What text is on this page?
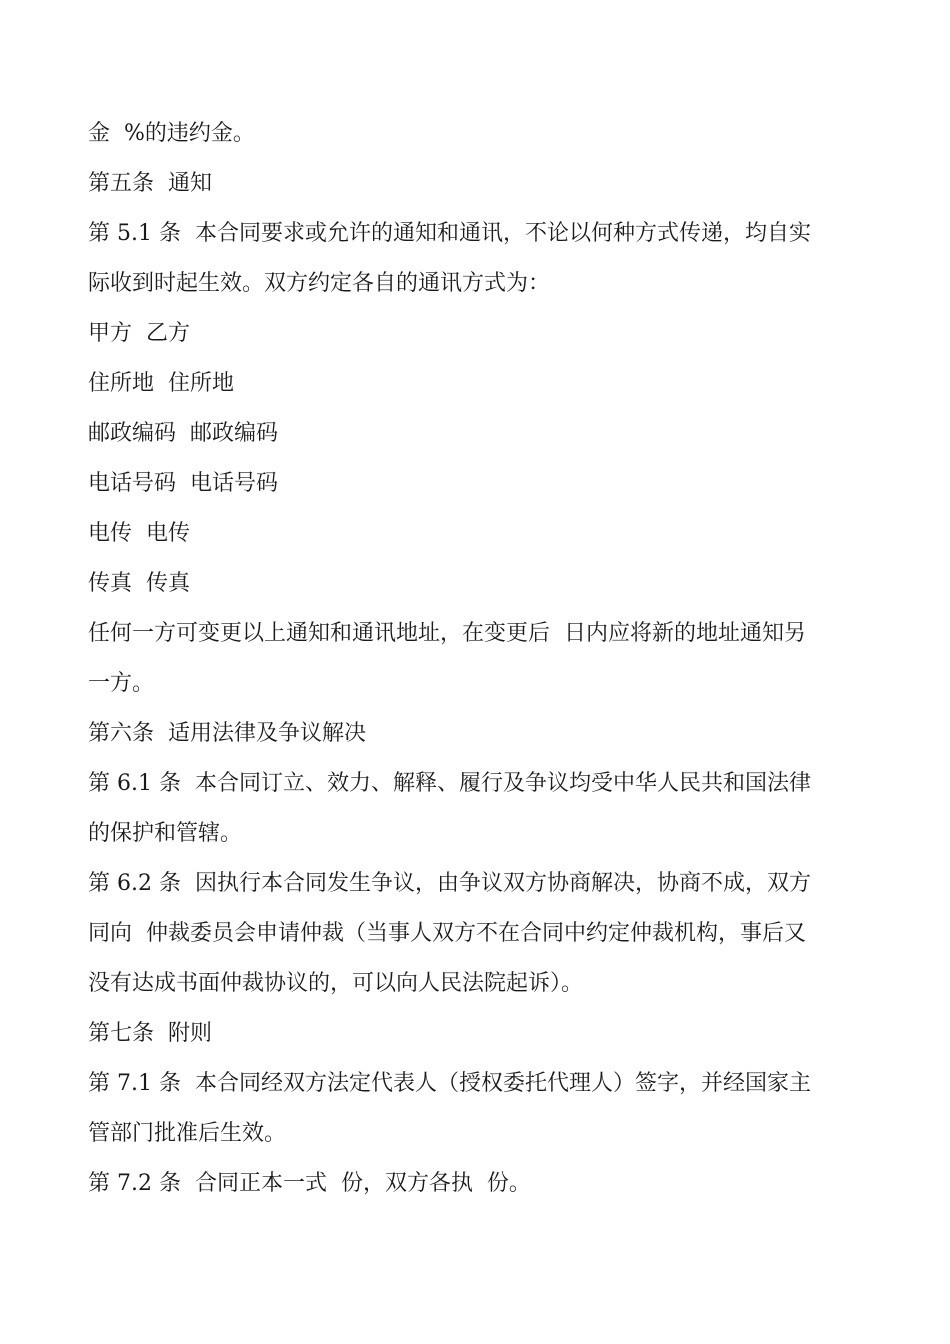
金  %的违约金。
第五条  通知
第 5.1 条  本合同要求或允许的通知和通讯，不论以何种方式传递，均自实
际收到时起生效。双方约定各自的通讯方式为：
甲方  乙方
住所地  住所地
邮政编码  邮政编码
电话号码  电话号码
电传  电传
传真  传真
任何一方可变更以上通知和通讯地址，在变更后  日内应将新的地址通知另
一方。
第六条  适用法律及争议解决
第 6.1 条  本合同订立、效力、解释、履行及争议均受中华人民共和国法律
的保护和管辖。
第 6.2 条  因执行本合同发生争议，由争议双方协商解决，协商不成，双方
同向  仲裁委员会申请仲裁（当事人双方不在合同中约定仲裁机构，事后又
没有达成书面仲裁协议的，可以向人民法院起诉）。
第七条  附则
第 7.1 条  本合同经双方法定代表人（授权委托代理人）签字，并经国家主
管部门批准后生效。
第 7.2 条  合同正本一式  份，双方各执  份。
